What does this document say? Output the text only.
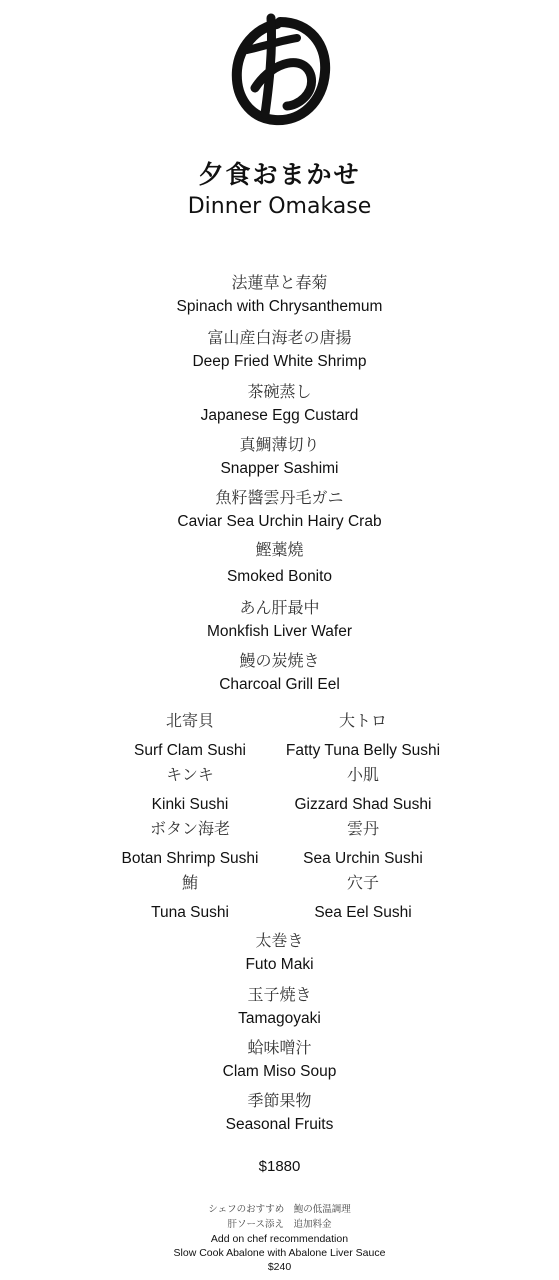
夕食おまかせ
Dinner Omakase
法蓮草と春菊
Spinach with Chrysanthemum
富山産白海老の唐揚
Deep Fried White Shrimp
茶碗蒸し
Japanese Egg Custard
真鯛薄切り
Snapper Sashimi
魚籽醬雲丹毛ガニ
Caviar Sea Urchin Hairy Crab
鰹藁燒
Smoked Bonito
あん肝最中
Monkfish Liver Wafer
鰻の炭焼き
Charcoal Grill Eel
北寄貝
Surf Clam Sushi
大トロ
Fatty Tuna Belly Sushi
キンキ
Kinki Sushi
小肌
Gizzard Shad Sushi
ボタン海老
Botan Shrimp Sushi
雲丹
Sea Urchin Sushi
鮪
Tuna Sushi
穴子
Sea Eel Sushi
太巻き
Futo Maki
玉子焼き
Tamagoyaki
蛤味噌汁
Clam Miso Soup
季節果物
Seasonal Fruits
$1880
シェフのおすすめ　鮑の低温調理
肝ソース添え　追加料金
Add on chef recommendation
Slow Cook Abalone with Abalone Liver Sauce
$240
